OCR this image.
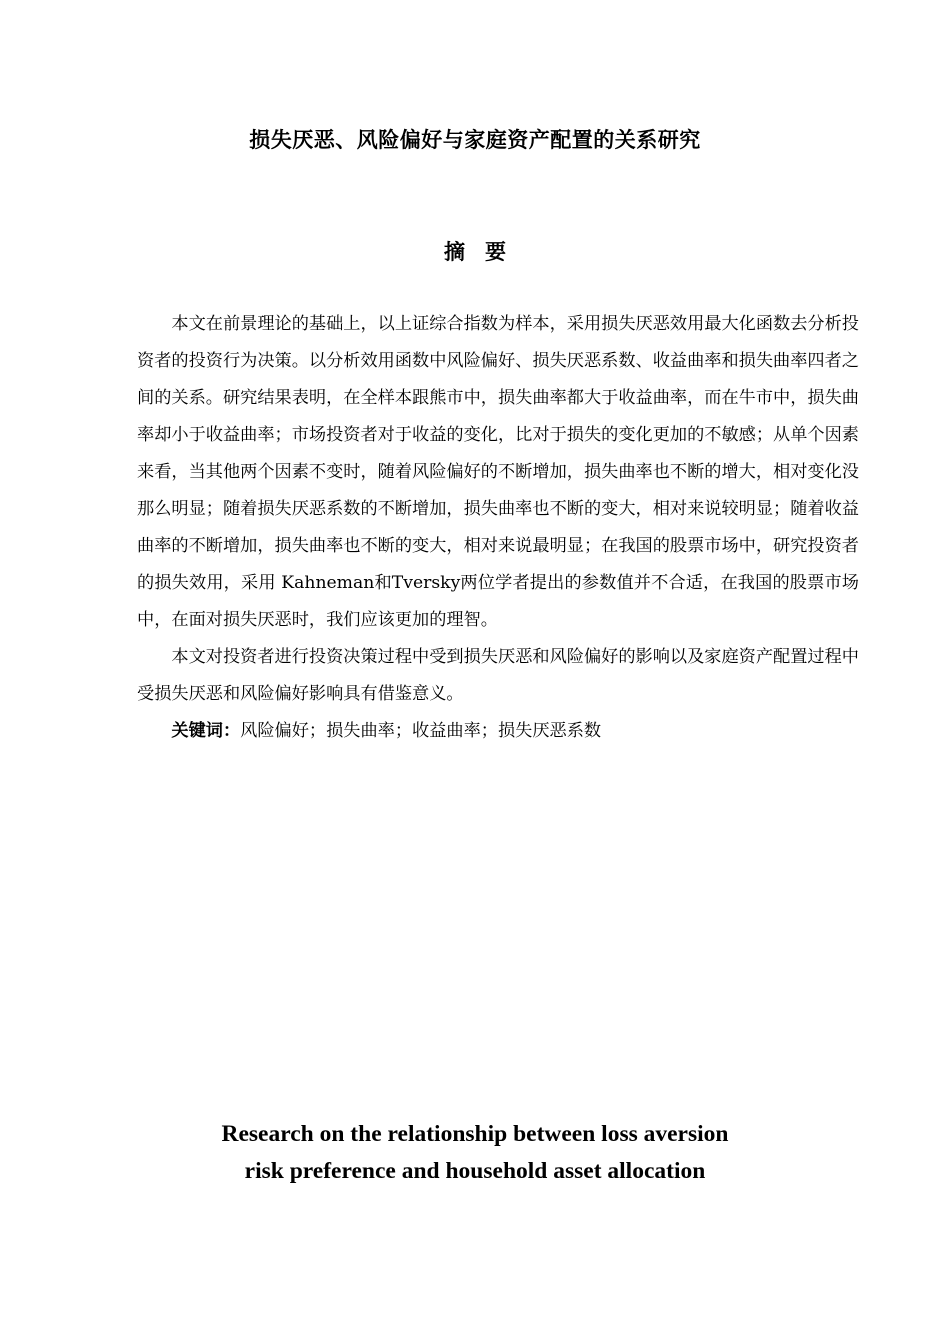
损失厌恶、风险偏好与家庭资产配置的关系研究
摘要

本文在前景理论的基础上，以上证综合指数为样本，采用损失厌恶效用最大化函数去分析投资者的投资行为决策。以分析效用函数中风险偏好、损失厌恶系数、收益曲率和损失曲率四者之间的关系。研究结果表明，在全样本跟熊市中，损失曲率都大于收益曲率，而在牛市中，损失曲率却小于收益曲率；市场投资者对于收益的变化，比对于损失的变化更加的不敏感；从单个因素来看，当其他两个因素不变时，随着风险偏好的不断增加，损失曲率也不断的增大，相对变化没那么明显；随着损失厌恶系数的不断增加，损失曲率也不断的变大，相对来说较明显；随着收益曲率的不断增加，损失曲率也不断的变大，相对来说最明显；在我国的股票市场中，研究投资者的损失效用，采用 Kahneman和Tversky两位学者提出的参数值并不合适，在我国的股票市场中，在面对损失厌恶时，我们应该更加的理智。

本文对投资者进行投资决策过程中受到损失厌恶和风险偏好的影响以及家庭资产配置过程中受损失厌恶和风险偏好影响具有借鉴意义。

关键词：风险偏好；损失曲率；收益曲率；损失厌恶系数

Research on the relationship between loss aversion
risk preference and household asset allocation
